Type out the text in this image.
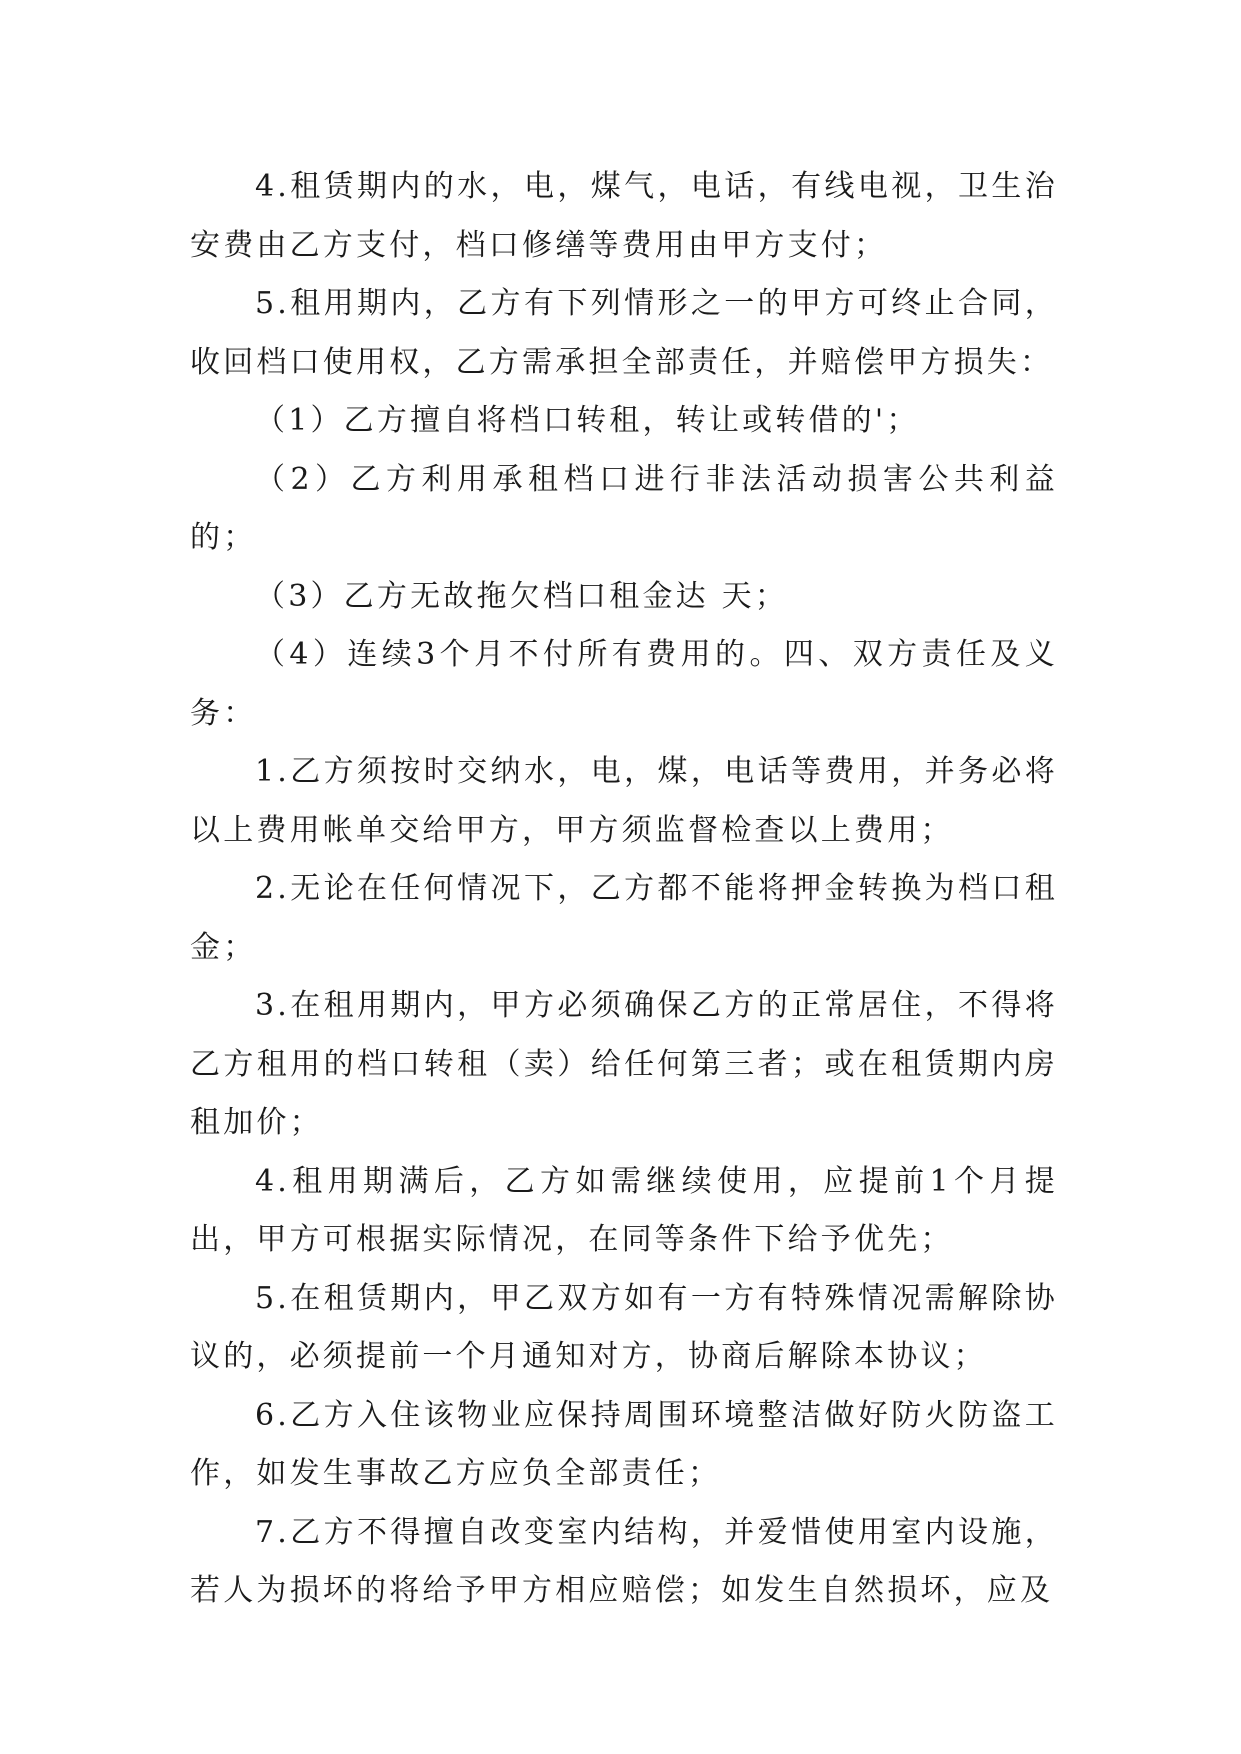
4.租赁期内的水，电，煤气，电话，有线电视，卫生治安费由乙方支付，档口修缮等费用由甲方支付；

5.租用期内，乙方有下列情形之一的甲方可终止合同，收回档口使用权，乙方需承担全部责任，并赔偿甲方损失：

（1）乙方擅自将档口转租，转让或转借的'；

（2）乙方利用承租档口进行非法活动损害公共利益的；

（3）乙方无故拖欠档口租金达 天；

（4）连续3个月不付所有费用的。四、双方责任及义务：

1.乙方须按时交纳水，电，煤，电话等费用，并务必将以上费用帐单交给甲方，甲方须监督检查以上费用；

2.无论在任何情况下，乙方都不能将押金转换为档口租金；

3.在租用期内，甲方必须确保乙方的正常居住，不得将乙方租用的档口转租（卖）给任何第三者；或在租赁期内房租加价；

4.租用期满后，乙方如需继续使用，应提前1个月提出，甲方可根据实际情况，在同等条件下给予优先；

5.在租赁期内，甲乙双方如有一方有特殊情况需解除协议的，必须提前一个月通知对方，协商后解除本协议；

6.乙方入住该物业应保持周围环境整洁做好防火防盗工作，如发生事故乙方应负全部责任；

7.乙方不得擅自改变室内结构，并爱惜使用室内设施，若人为损坏的将给予甲方相应赔偿；如发生自然损坏，应及
